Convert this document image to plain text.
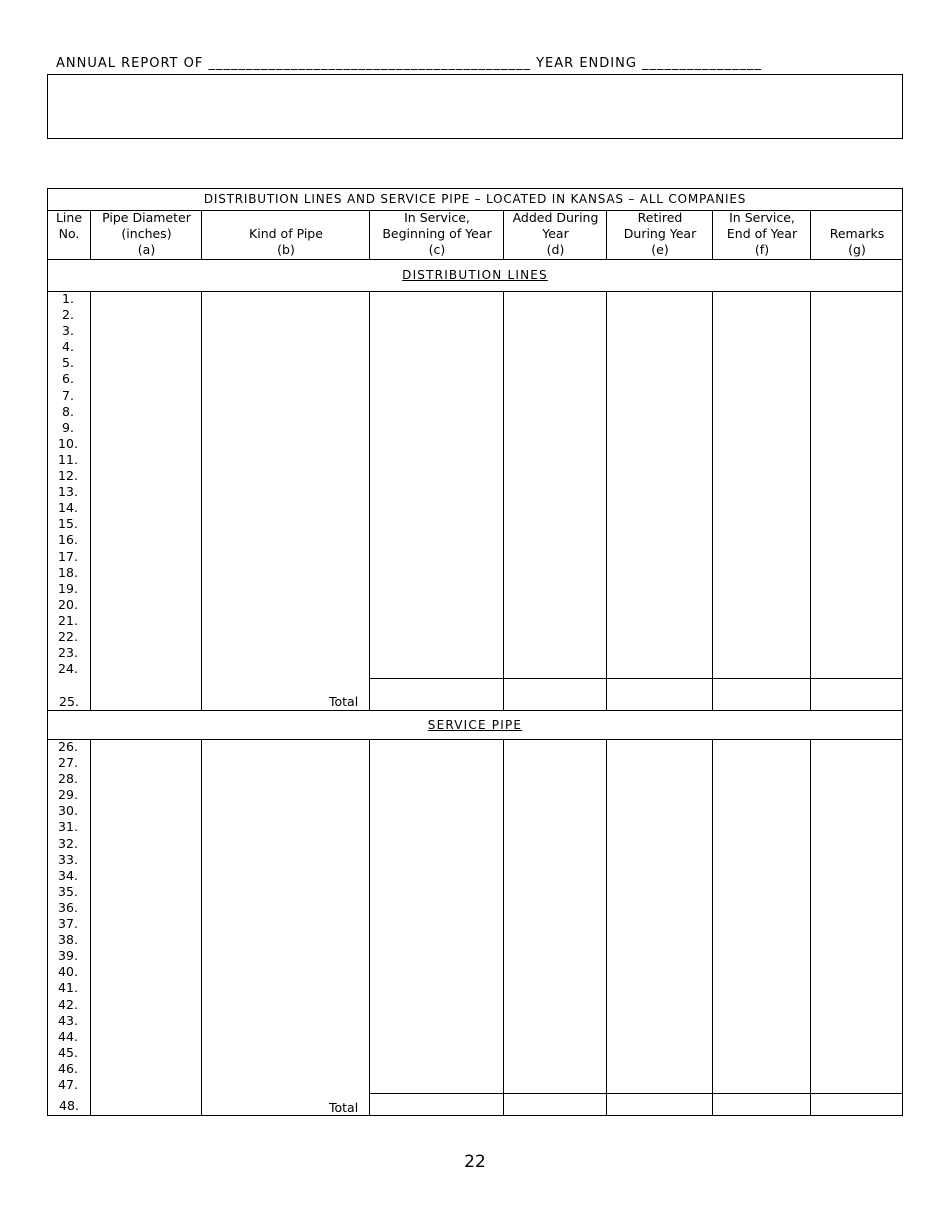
ANNUAL REPORT OF ___________________________________________ YEAR ENDING ________________
DISTRIBUTION LINES AND SERVICE PIPE – LOCATED IN KANSAS – ALL COMPANIES
Line
No.
Pipe Diameter
(inches)
(a)
Kind of Pipe
(b)
In Service,
Beginning of Year
(c)
Added During
Year
(d)
Retired
During Year
(e)
In Service,
End of Year
(f)
Remarks
(g)
DISTRIBUTION LINES
1.
2.
3.
4.
5.
6.
7.
8.
9.
10.
11.
12.
13.
14.
15.
16.
17.
18.
19.
20.
21.
22.
23.
24.
25.	Total
SERVICE PIPE
26.
27.
28.
29.
30.
31.
32.
33.
34.
35.
36.
37.
38.
39.
40.
41.
42.
43.
44.
45.
46.
47.
48.	Total
22
